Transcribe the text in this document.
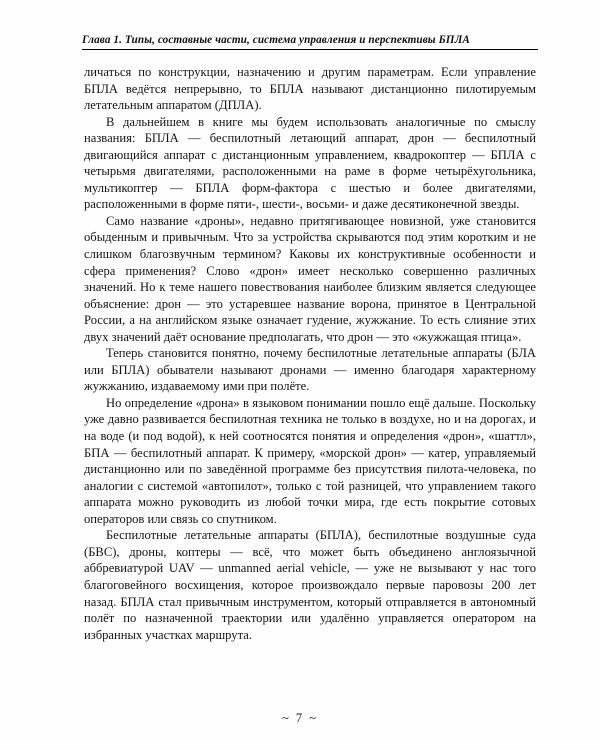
Глава 1. Типы, составные части, система управления и перспективы БПЛА

личаться по конструкции, назначению и другим параметрам. Если управление БПЛА ведётся непрерывно, то БПЛА называют дистанционно пилотируемым летательным аппаратом (ДПЛА).

В дальнейшем в книге мы будем использовать аналогичные по смыслу названия: БПЛА — беспилотный летающий аппарат, дрон — беспилотный двигающийся аппарат с дистанционным управлением, квадрокоптер — БПЛА с четырьмя двигателями, расположенными на раме в форме четырёхугольника, мультикоптер — БПЛА форм-фактора с шестью и более двигателями, расположенными в форме пяти-, шести-, восьми- и даже десятиконечной звезды.

Само название «дроны», недавно притягивающее новизной, уже становится обыденным и привычным. Что за устройства скрываются под этим коротким и не слишком благозвучным термином? Каковы их конструктивные особенности и сфера применения? Слово «дрон» имеет несколько совершенно различных значений. Но к теме нашего повествования наиболее близким является следующее объяснение: дрон — это устаревшее название ворона, принятое в Центральной России, а на английском языке означает гудение, жужжание. То есть слияние этих двух значений даёт основание предполагать, что дрон — это «жужжащая птица».

Теперь становится понятно, почему беспилотные летательные аппараты (БЛА или БПЛА) обыватели называют дронами — именно благодаря характерному жужжанию, издаваемому ими при полёте.

Но определение «дрона» в языковом понимании пошло ещё дальше. Поскольку уже давно развивается беспилотная техника не только в воздухе, но и на дорогах, и на воде (и под водой), к ней соотносятся понятия и определения «дрон», «шаттл», БПА — беспилотный аппарат. К примеру, «морской дрон» — катер, управляемый дистанционно или по заведённой программе без присутствия пилота-человека, по аналогии с системой «автопилот», только с той разницей, что управлением такого аппарата можно руководить из любой точки мира, где есть покрытие сотовых операторов или связь со спутником.

Беспилотные летательные аппараты (БПЛА), беспилотные воздушные суда (БВС), дроны, коптеры — всё, что может быть объединено англоязычной аббревиатурой UAV — unmanned aerial vehicle, — уже не вызывают у нас того благоговейного восхищения, которое произвождало первые паровозы 200 лет назад. БПЛА стал привычным инструментом, который отправляется в автономный полёт по назначенной траектории или удалённо управляется оператором на избранных участках маршрута.

~ 7 ~
